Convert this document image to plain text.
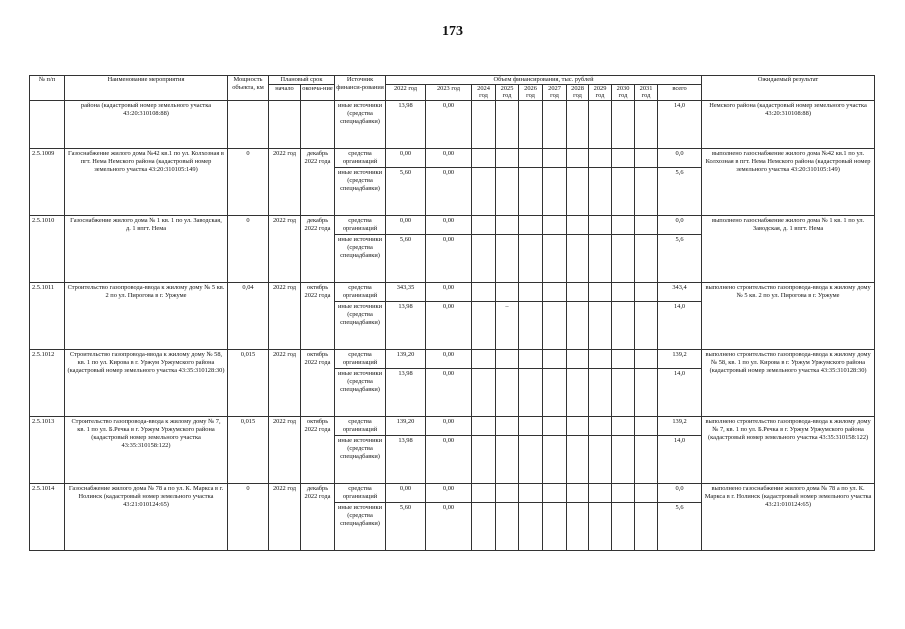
173
№ п/п	Наименование мероприятия	Мощность объекта, км	Плановый срок		Источник финанси-рования	Объем финансирования, тыс. рублей											Ожидаемый результат
			начало	оконча-ние		2022 год	2023 год	2024 год	2025 год	2026 год	2027 год	2028 год	2029 год	2030 год	2031 год	всего	
	района (кадастровый номер земельного участка 43:20:310108:88)				иные источники (средства спецнадбавки)	13,98	0,00									14,0	Немского района (кадастровый номер земельного участка 43:20:310108:88)
2.5.1009	Газоснабжение жилого дома №42 кв.1 по ул. Колхозная в пгт. Нема Немского района (кадастровый номер земельного участка 43:20:310105:149)	0	2022 год	декабрь 2022 года	средства организаций	0,00	0,00									0,0	выполнено газоснабжение жилого дома №42 кв.1 по ул. Колхозная в пгт. Нема Немского района (кадастровый номер земельного участка 43:20:310105:149)
					иные источники (средства спецнадбавки)	5,60	0,00									5,6	
2.5.1010	Газоснабжение жилого дома № 1 кв. 1 по ул. Заводская, д. 1 впгт. Нема	0	2022 год	декабрь 2022 года	средства организаций	0,00	0,00									0,0	выполнено газоснабжение жилого дома № 1 кв. 1 по ул. Заводская, д. 1 впгт. Нема
					иные источники (средства спецнадбавки)	5,60	0,00									5,6	
2.5.1011	Строительство газопровода-ввода к жилому дому № 5 кв. 2 по ул. Пирогова в г. Уржуме	0,04	2022 год	октябрь 2022 года	средства организаций	343,35	0,00									343,4	выполнено строительство газопровода-ввода к жилому дому № 5 кв. 2 по ул. Пирогова в г. Уржуме
					иные источники (средства спецнадбавки)	13,98	0,00		–							14,0	
2.5.1012	Строительство газопровода-ввода к жилому дому № 58, кв. 1 по ул. Кирова в г. Уржум Уржумского района (кадастровый номер земельного участка 43:35:310128:30)	0,015	2022 год	октябрь 2022 года	средства организаций	139,20	0,00									139,2	выполнено строительство газопровода-ввода к жилому дому № 58, кв. 1 по ул. Кирова в г. Уржум Уржумского района (кадастровый номер земельного участка 43:35:310128:30)
					иные источники (средства спецнадбавки)	13,98	0,00									14,0	
2.5.1013	Строительство газопровода-ввода к жилому дому № 7, кв. 1 по ул. Б.Речка в г. Уржум Уржумского района (кадастровый номер земельного участка 43:35:310158:122)	0,015	2022 год	октябрь 2022 года	средства организаций	139,20	0,00									139,2	выполнено строительство газопровода-ввода к жилому дому № 7, кв. 1 по ул. Б.Речка в г. Уржум Уржумского района (кадастровый номер земельного участка 43:35:310158:122)
					иные источники (средства спецнадбавки)	13,98	0,00									14,0	
2.5.1014	Газоснабжение жилого дома № 78 а по ул. К. Маркса в г. Нолинск (кадастровый номер земельного участка 43:21:010124:65)	0	2022 год	декабрь 2022 года	средства организаций	0,00	0,00									0,0	выполнено газоснабжение жилого дома № 78 а по ул. К. Маркса в г. Нолинск (кадастровый номер земельного участка 43:21:010124:65)
					иные источники (средства спецнадбавки)	5,60	0,00									5,6	
